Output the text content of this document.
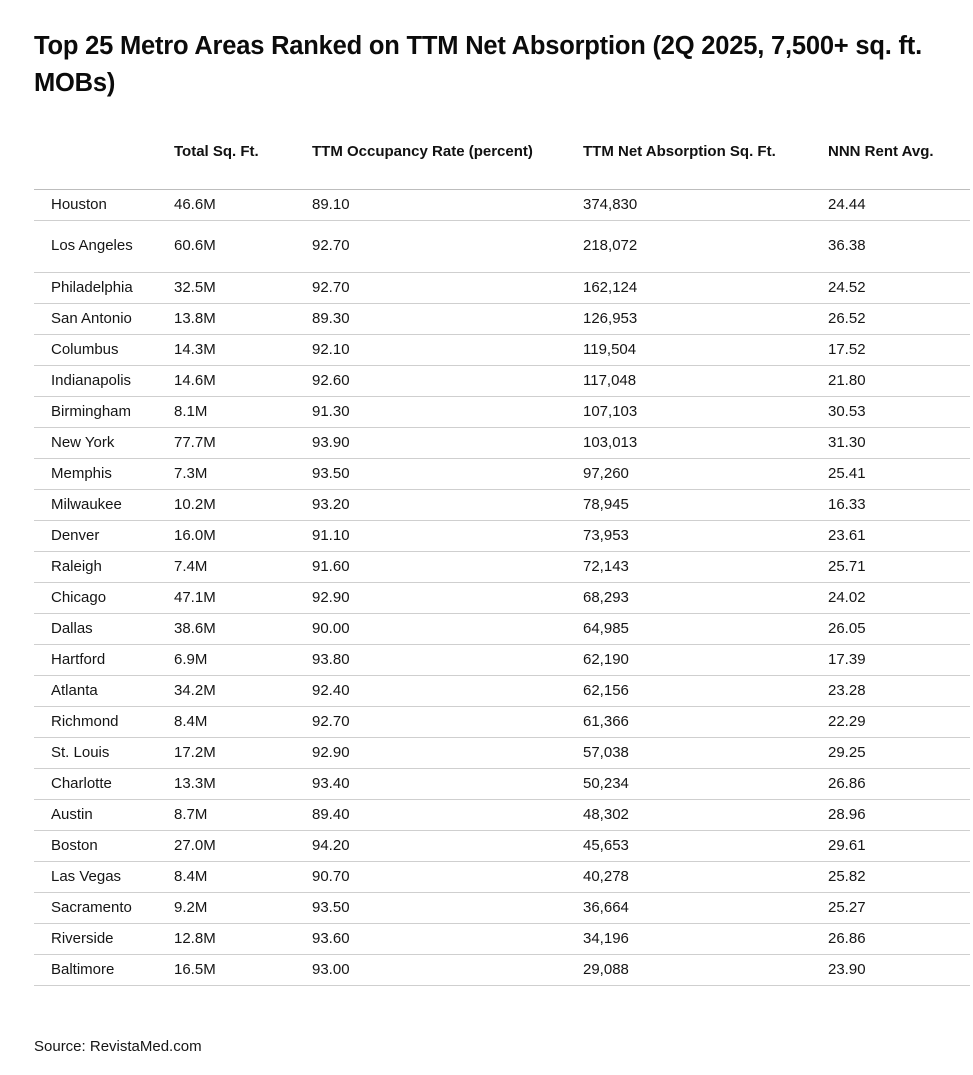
Top 25 Metro Areas Ranked on TTM Net Absorption (2Q 2025, 7,500+ sq. ft. MOBs)
	Total Sq. Ft.	TTM Occupancy Rate (percent)	TTM Net Absorption Sq. Ft.	NNN Rent Avg.
Houston	46.6M	89.10	374,830	24.44
Los Angeles	60.6M	92.70	218,072	36.38
Philadelphia	32.5M	92.70	162,124	24.52
San Antonio	13.8M	89.30	126,953	26.52
Columbus	14.3M	92.10	119,504	17.52
Indianapolis	14.6M	92.60	117,048	21.80
Birmingham	8.1M	91.30	107,103	30.53
New York	77.7M	93.90	103,013	31.30
Memphis	7.3M	93.50	97,260	25.41
Milwaukee	10.2M	93.20	78,945	16.33
Denver	16.0M	91.10	73,953	23.61
Raleigh	7.4M	91.60	72,143	25.71
Chicago	47.1M	92.90	68,293	24.02
Dallas	38.6M	90.00	64,985	26.05
Hartford	6.9M	93.80	62,190	17.39
Atlanta	34.2M	92.40	62,156	23.28
Richmond	8.4M	92.70	61,366	22.29
St. Louis	17.2M	92.90	57,038	29.25
Charlotte	13.3M	93.40	50,234	26.86
Austin	8.7M	89.40	48,302	28.96
Boston	27.0M	94.20	45,653	29.61
Las Vegas	8.4M	90.70	40,278	25.82
Sacramento	9.2M	93.50	36,664	25.27
Riverside	12.8M	93.60	34,196	26.86
Baltimore	16.5M	93.00	29,088	23.90
Source: RevistaMed.com
